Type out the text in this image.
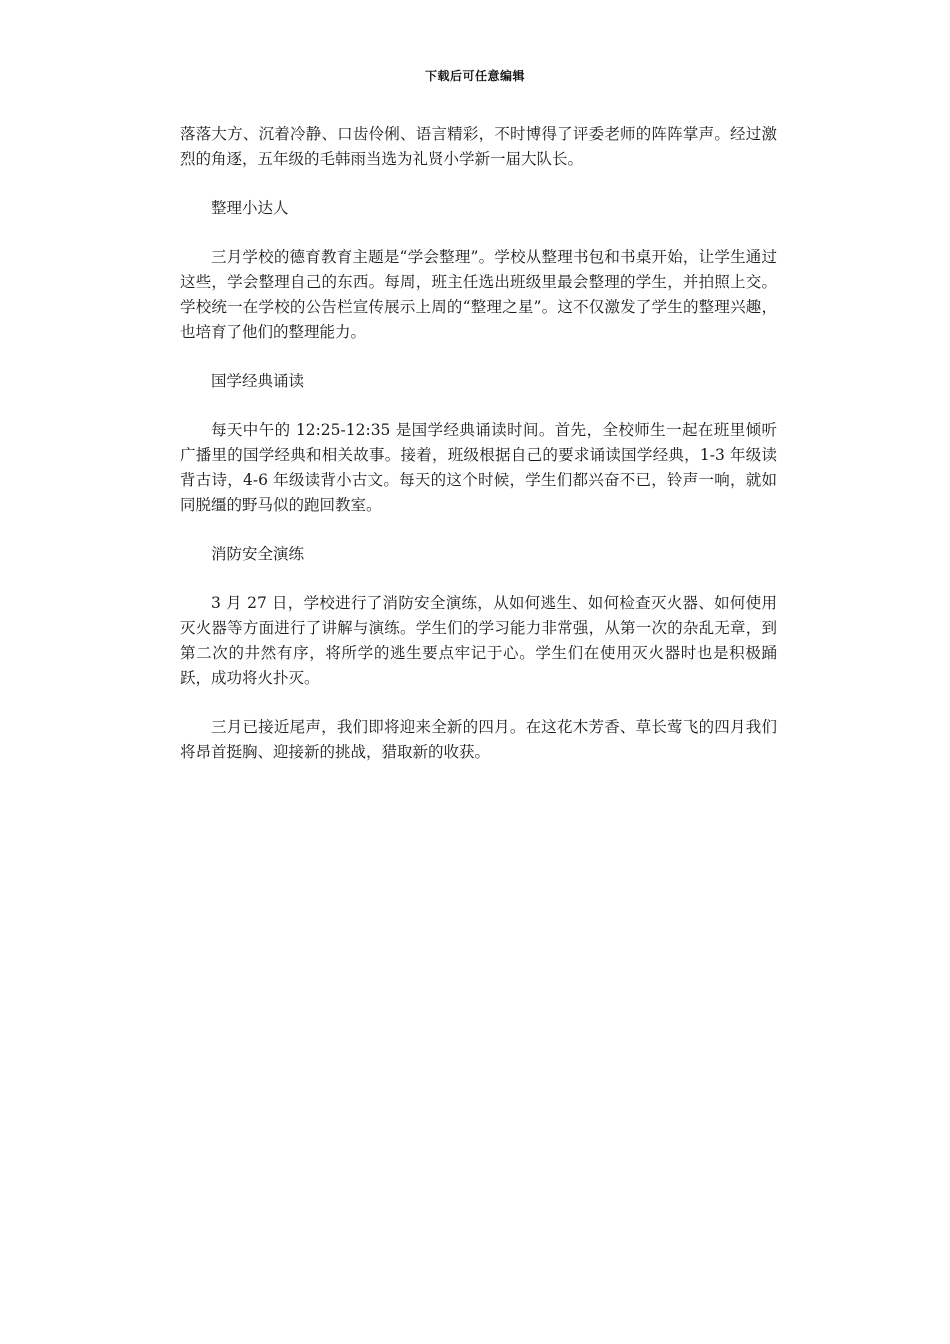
下载后可任意编辑

落落大方、沉着冷静、口齿伶俐、语言精彩，不时博得了评委老师的阵阵掌声。经过激烈的角逐，五年级的毛韩雨当选为礼贤小学新一届大队长。

整理小达人

三月学校的德育教育主题是“学会整理”。学校从整理书包和书桌开始，让学生通过这些，学会整理自己的东西。每周，班主任选出班级里最会整理的学生，并拍照上交。学校统一在学校的公告栏宣传展示上周的“整理之星”。这不仅激发了学生的整理兴趣，也培育了他们的整理能力。

国学经典诵读

每天中午的 12:25-12:35 是国学经典诵读时间。首先，全校师生一起在班里倾听广播里的国学经典和相关故事。接着，班级根据自己的要求诵读国学经典，1-3 年级读背古诗，4-6 年级读背小古文。每天的这个时候，学生们都兴奋不已，铃声一响，就如同脱缰的野马似的跑回教室。

消防安全演练

3 月 27 日，学校进行了消防安全演练，从如何逃生、如何检查灭火器、如何使用灭火器等方面进行了讲解与演练。学生们的学习能力非常强，从第一次的杂乱无章，到第二次的井然有序，将所学的逃生要点牢记于心。学生们在使用灭火器时也是积极踊跃，成功将火扑灭。

三月已接近尾声，我们即将迎来全新的四月。在这花木芳香、草长莺飞的四月我们将昂首挺胸、迎接新的挑战，猎取新的收获。
